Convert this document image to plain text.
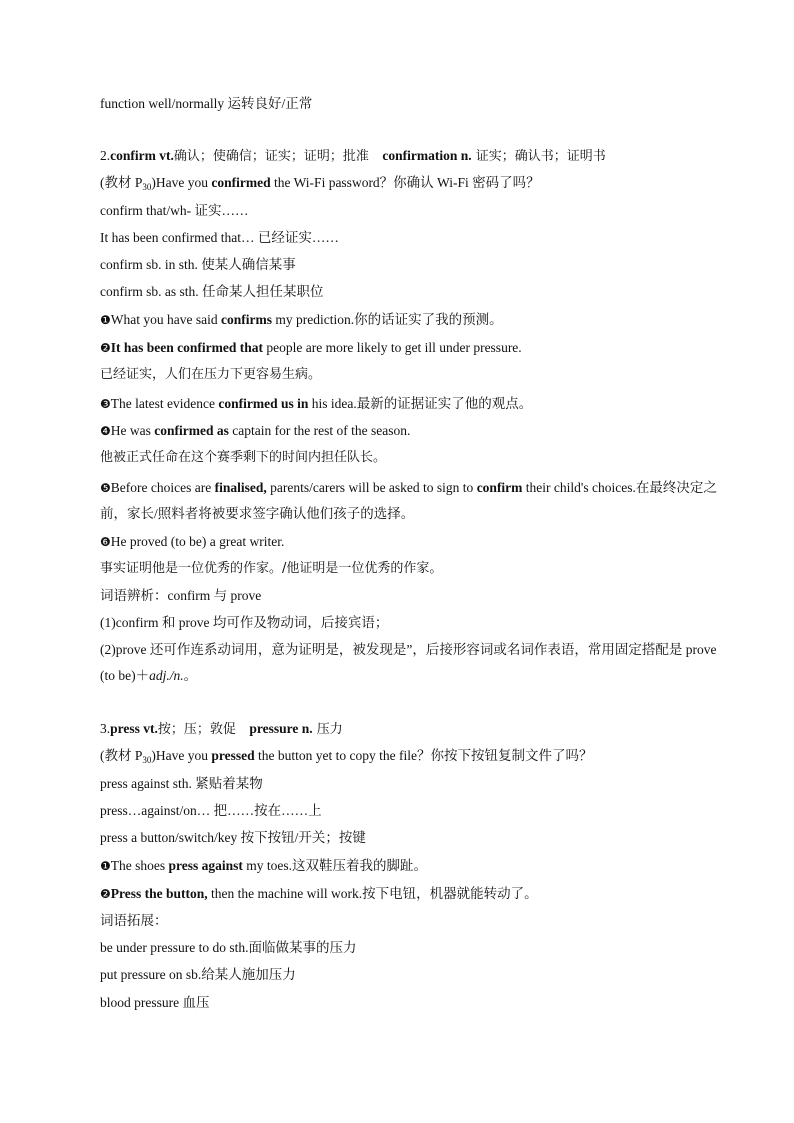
function well/normally 运转良好/正常
2.confirm vt.确认；使确信；证实；证明；批准 confirmation n. 证实；确认书；证明书
(教材 $P_{30})Have$ you confirmed the Wi-Fi password？你确认 Wi-Fi 密码了吗？
confirm that/wh- 证实……
It has been confirmed that… 已经证实……
confirm sb. in sth. 使某人确信某事
confirm sb. as sth. 任命某人担任某职位
❶What you have said confirms my prediction.你的话证实了我的预测。
❷It has been confirmed that people are more likely to get ill under pressure.
已经证实，人们在压力下更容易生病。
❸The latest evidence confirmed us in his idea.最新的证据证实了他的观点。
❹He was confirmed as captain for the rest of the season.
他被正式任命在这个赛季剩下的时间内担任队长。
❺Before choices are finalised, parents/carers will be asked to sign to confirm their child's choices.在最终决定之前，家长/照料者将被要求签字确认他们孩子的选择。
❻He proved (to be) a great writer.
事实证明他是一位优秀的作家。/他证明是一位优秀的作家。
词语辨析：confirm 与 prove
(1)confirm 和 prove 均可作及物动词，后接宾语；
(2)prove 还可作连系动词用，意为证明是，被发现是”，后接形容词或名词作表语，常用固定搭配是 prove (to be)＋adj./n.。
3.press vt.按；压；敦促 pressure n. 压力
(教材 $P_{30})Have$ you pressed the button yet to copy the file？你按下按钮复制文件了吗？
press against sth. 紧贴着某物
press…against/on… 把……按在……上
press a button/switch/key 按下按钮/开关；按键
❶The shoes press against my toes.这双鞋压着我的脚趾。
❷Press the button, then the machine will work.按下电钮，机器就能转动了。
词语拓展：
be under pressure to do sth.面临做某事的压力
put pressure on sb.给某人施加压力
blood pressure 血压
